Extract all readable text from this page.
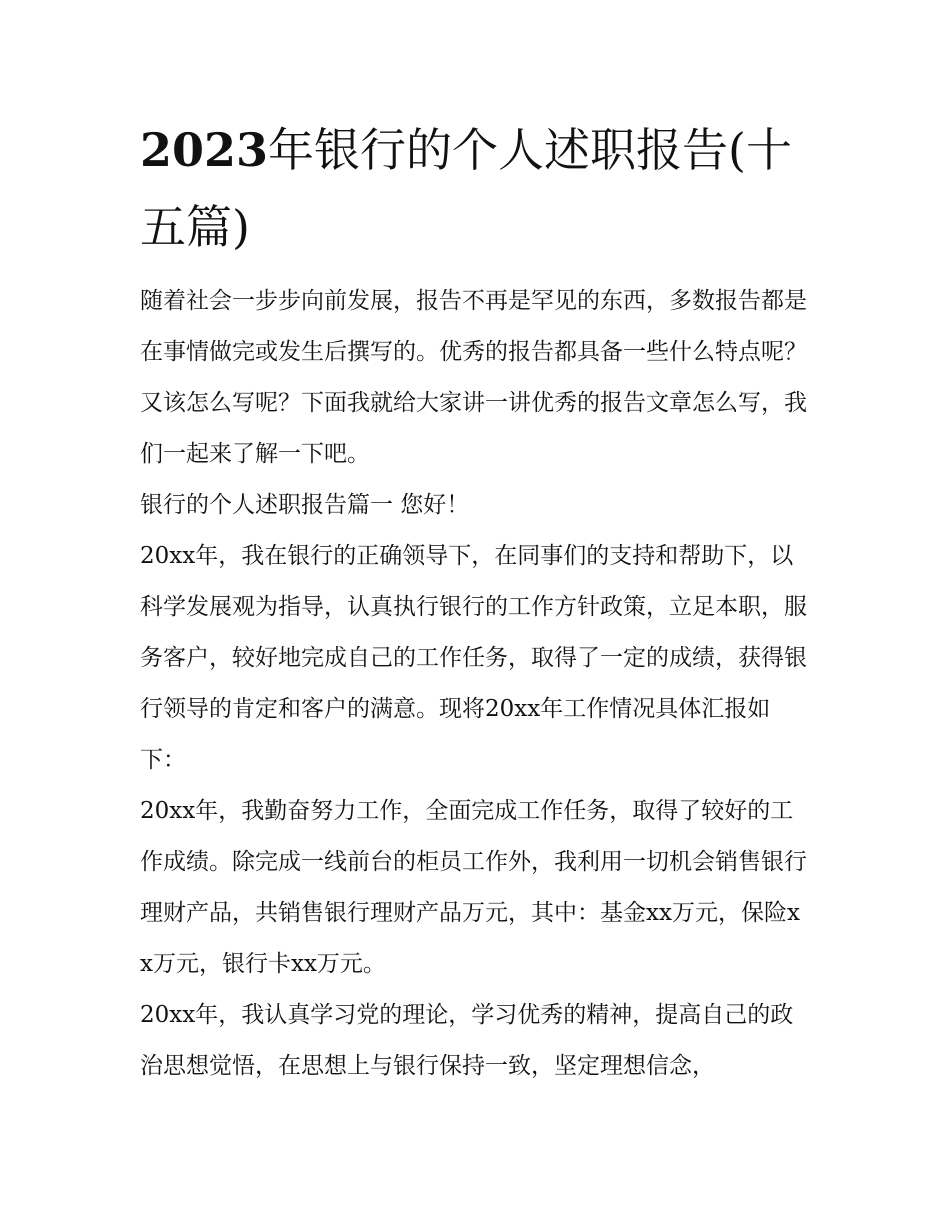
2023年银行的个人述职报告(十五篇)

随着社会一步步向前发展，报告不再是罕见的东西，多数报告都是在事情做完或发生后撰写的。优秀的报告都具备一些什么特点呢？又该怎么写呢？下面我就给大家讲一讲优秀的报告文章怎么写，我们一起来了解一下吧。

银行的个人述职报告篇一 您好！

20xx年，我在银行的正确领导下，在同事们的支持和帮助下，以科学发展观为指导，认真执行银行的工作方针政策，立足本职，服务客户，较好地完成自己的工作任务，取得了一定的成绩，获得银行领导的肯定和客户的满意。现将20xx年工作情况具体汇报如下：

20xx年，我勤奋努力工作，全面完成工作任务，取得了较好的工作成绩。除完成一线前台的柜员工作外，我利用一切机会销售银行理财产品，共销售银行理财产品万元，其中：基金xx万元，保险xx万元，银行卡xx万元。

20xx年，我认真学习党的理论，学习优秀的精神，提高自己的政治思想觉悟，在思想上与银行保持一致，坚定理想信念，
